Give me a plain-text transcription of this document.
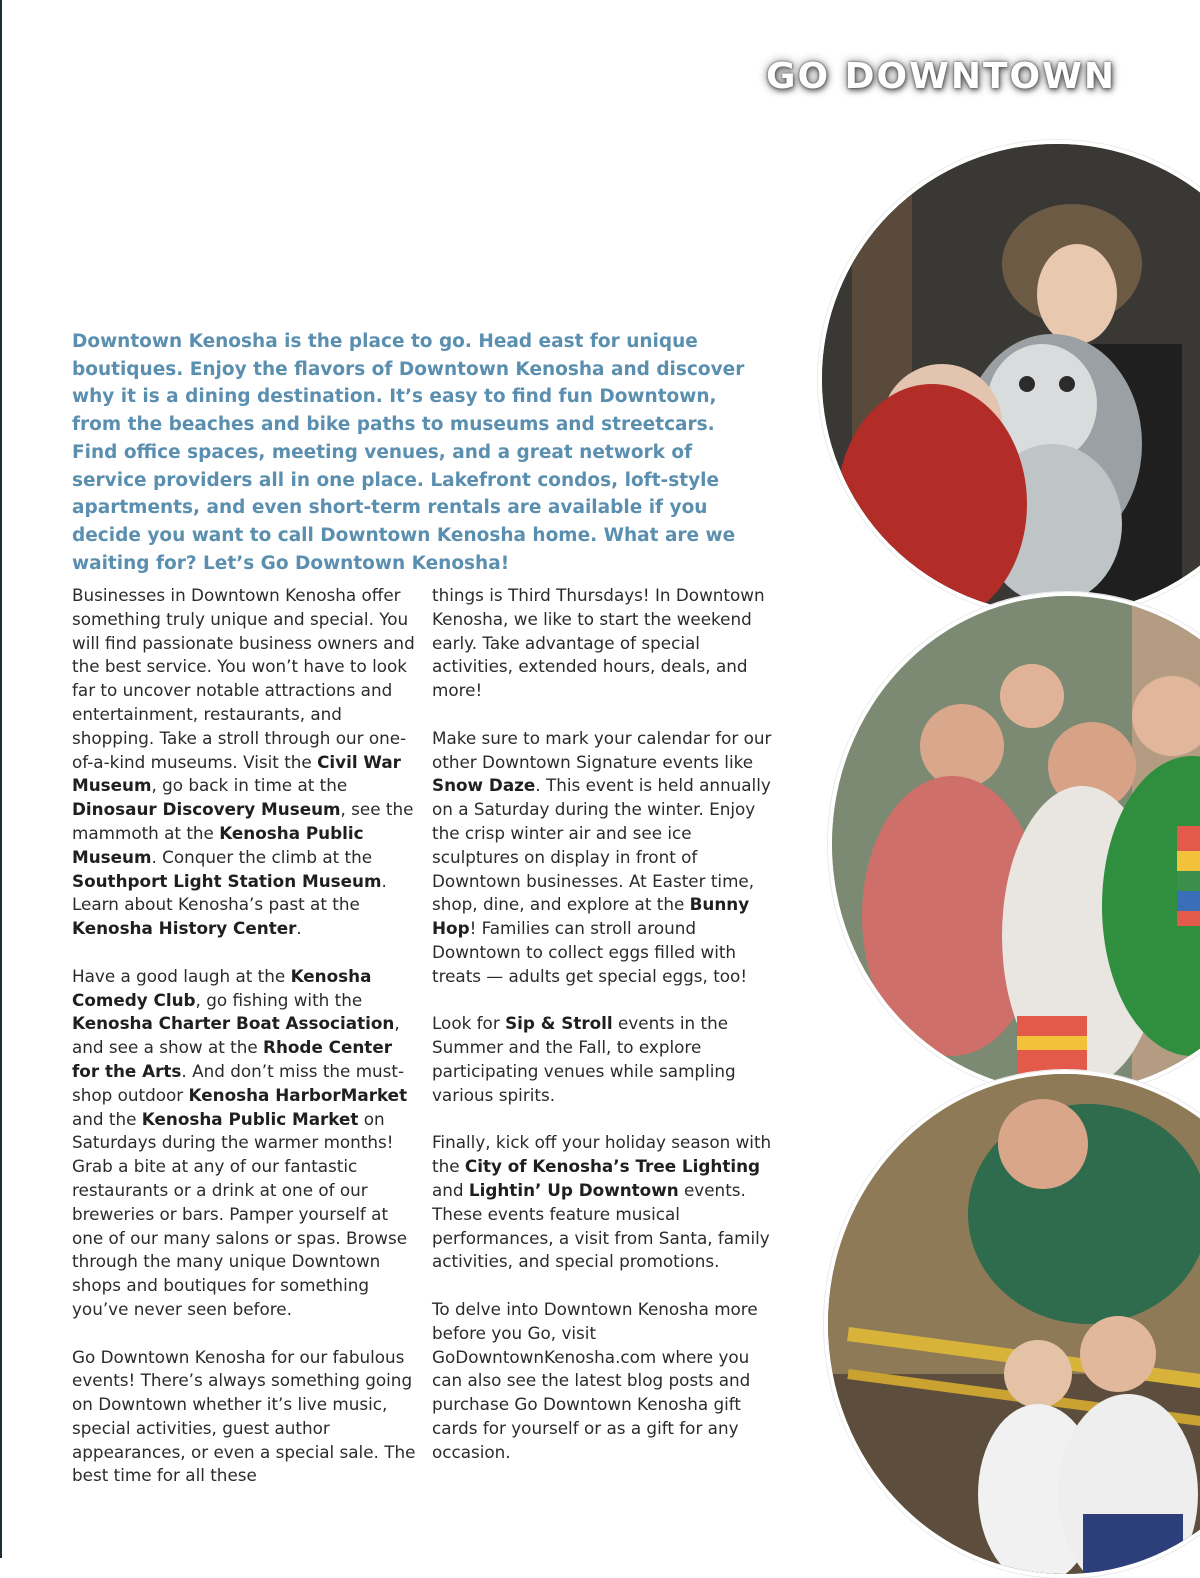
GO DOWNTOWN

Downtown Kenosha is the place to go. Head east for unique boutiques. Enjoy the flavors of Downtown Kenosha and discover why it is a dining destination. It’s easy to find fun Downtown, from the beaches and bike paths to museums and streetcars. Find office spaces, meeting venues, and a great network of service providers all in one place. Lakefront condos, loft-style apartments, and even short-term rentals are available if you decide you want to call Downtown Kenosha home. What are we waiting for? Let’s Go Downtown Kenosha!

Businesses in Downtown Kenosha offer something truly unique and special. You will find passionate business owners and the best service. You won’t have to look far to uncover notable attractions and entertainment, restaurants, and shopping. Take a stroll through our one-of-a-kind museums. Visit the Civil War Museum, go back in time at the Dinosaur Discovery Museum, see the mammoth at the Kenosha Public Museum. Conquer the climb at the Southport Light Station Museum. Learn about Kenosha’s past at the Kenosha History Center.

Have a good laugh at the Kenosha Comedy Club, go fishing with the Kenosha Charter Boat Association, and see a show at the Rhode Center for the Arts. And don’t miss the must-shop outdoor Kenosha HarborMarket and the Kenosha Public Market on Saturdays during the warmer months! Grab a bite at any of our fantastic restaurants or a drink at one of our breweries or bars. Pamper yourself at one of our many salons or spas. Browse through the many unique Downtown shops and boutiques for something you’ve never seen before.

Go Downtown Kenosha for our fabulous events! There’s always something going on Downtown whether it’s live music, special activities, guest author appearances, or even a special sale. The best time for all these

things is Third Thursdays! In Downtown Kenosha, we like to start the weekend early. Take advantage of special activities, extended hours, deals, and more!

Make sure to mark your calendar for our other Downtown Signature events like Snow Daze. This event is held annually on a Saturday during the winter. Enjoy the crisp winter air and see ice sculptures on display in front of Downtown businesses. At Easter time, shop, dine, and explore at the Bunny Hop! Families can stroll around Downtown to collect eggs filled with treats — adults get special eggs, too!

Look for Sip & Stroll events in the Summer and the Fall, to explore participating venues while sampling various spirits.

Finally, kick off your holiday season with the City of Kenosha’s Tree Lighting and Lightin’ Up Downtown events. These events feature musical performances, a visit from Santa, family activities, and special promotions.

To delve into Downtown Kenosha more before you Go, visit GoDowntownKenosha.com where you can also see the latest blog posts and purchase Go Downtown Kenosha gift cards for yourself or as a gift for any occasion.
